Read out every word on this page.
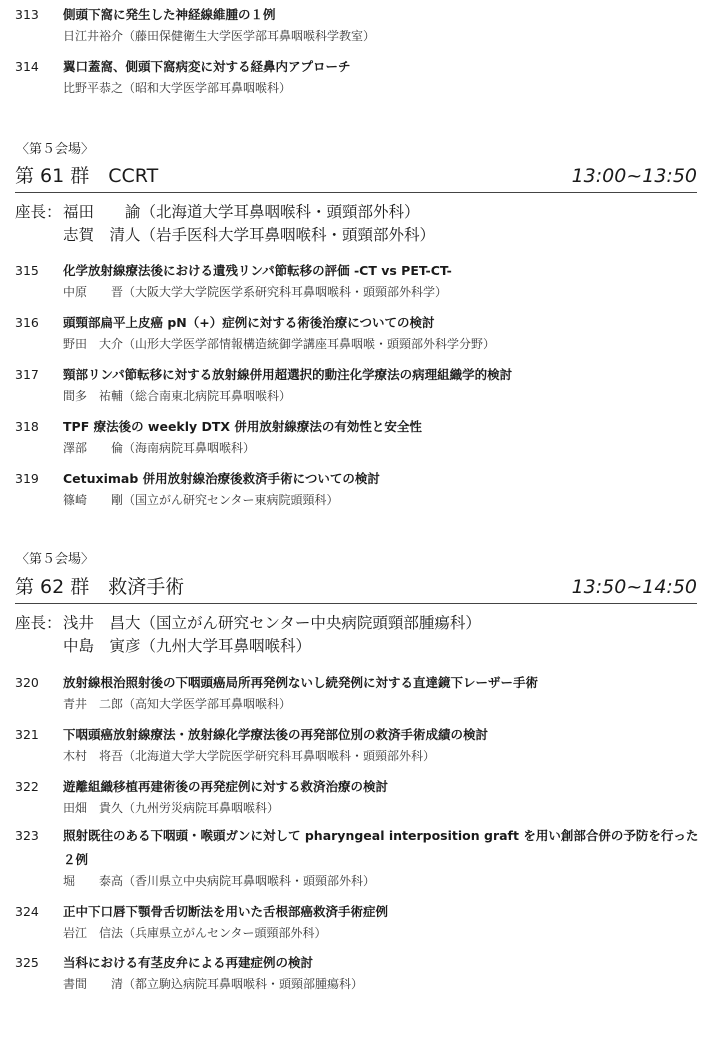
313 側頭下窩に発生した神経線維腫の１例
日江井裕介（藤田保健衛生大学医学部耳鼻咽喉科学教室）
314 翼口蓋窩、側頭下窩病変に対する経鼻内アプローチ
比野平恭之（昭和大学医学部耳鼻咽喉科）
〈第５会場〉
第 61 群　CCRT	13:00~13:50
座長：福田　　諭（北海道大学耳鼻咽喉科・頭頸部外科）
志賀　清人（岩手医科大学耳鼻咽喉科・頭頸部外科）
315 化学放射線療法後における遺残リンパ節転移の評価 -CT vs PET-CT-
中原　　晋（大阪大学大学院医学系研究科耳鼻咽喉科・頭頸部外科学）
316 頭頸部扁平上皮癌 pN（+）症例に対する術後治療についての検討
野田　大介（山形大学医学部情報構造統御学講座耳鼻咽喉・頭頸部外科学分野）
317 頸部リンパ節転移に対する放射線併用超選択的動注化学療法の病理組織学的検討
間多　祐輔（総合南東北病院耳鼻咽喉科）
318 TPF 療法後の weekly DTX 併用放射線療法の有効性と安全性
澤部　　倫（海南病院耳鼻咽喉科）
319 Cetuximab 併用放射線治療後救済手術についての検討
篠崎　　剛（国立がん研究センター東病院頭頸科）
〈第５会場〉
第 62 群　救済手術	13:50~14:50
座長：浅井　昌大（国立がん研究センター中央病院頭頸部腫瘍科）
中島　寅彦（九州大学耳鼻咽喉科）
320 放射線根治照射後の下咽頭癌局所再発例ないし続発例に対する直達鏡下レーザー手術
青井　二郎（高知大学医学部耳鼻咽喉科）
321 下咽頭癌放射線療法・放射線化学療法後の再発部位別の救済手術成績の検討
木村　将吾（北海道大学大学院医学研究科耳鼻咽喉科・頭頸部外科）
322 遊離組織移植再建術後の再発症例に対する救済治療の検討
田畑　貴久（九州労災病院耳鼻咽喉科）
323 照射既往のある下咽頭・喉頭ガンに対して pharyngeal interposition graft を用い創部合併の予防を行った２例
堀　　泰高（香川県立中央病院耳鼻咽喉科・頭頸部外科）
324 正中下口唇下顎骨舌切断法を用いた舌根部癌救済手術症例
岩江　信法（兵庫県立がんセンター頭頸部外科）
325 当科における有茎皮弁による再建症例の検討
書間　　清（都立駒込病院耳鼻咽喉科・頭頸部腫瘍科）
